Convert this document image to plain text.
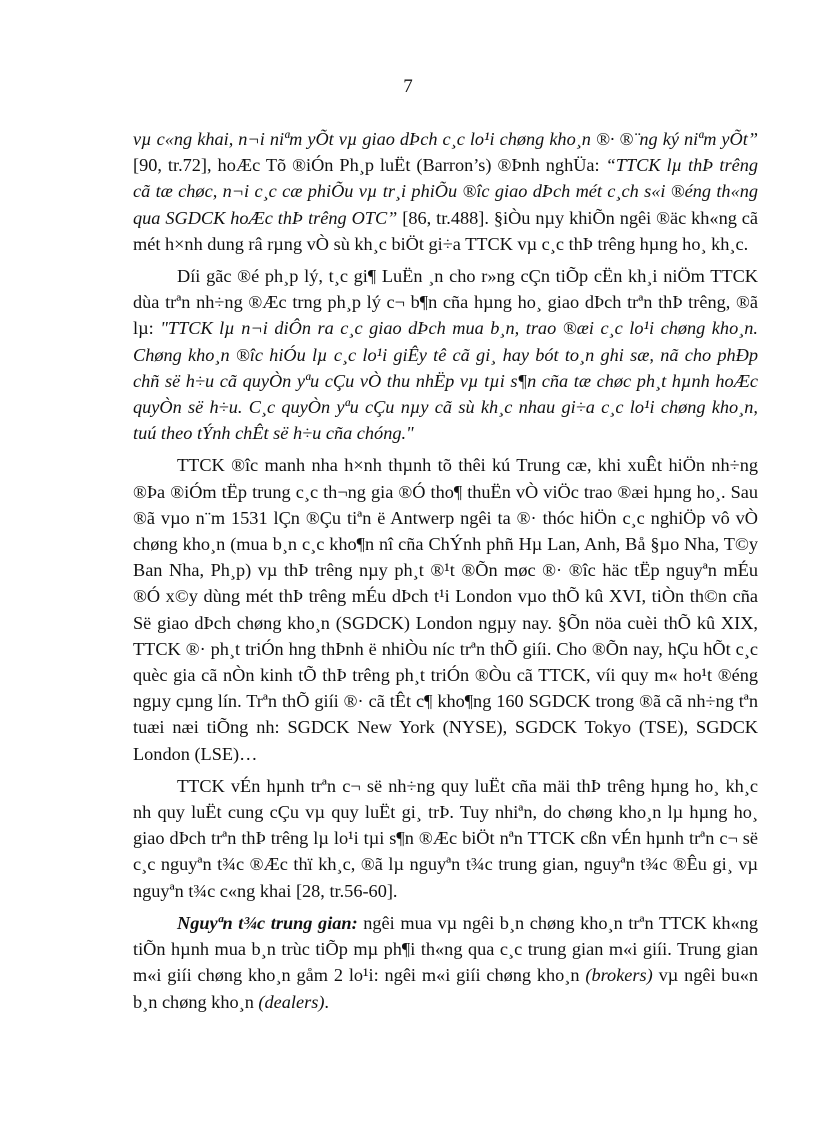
7

vµ c«ng khai, n¬i niªm yÕt vµ giao dÞch c¸c lo¹i chøng kho¸n ®· ®¨ng ký niªm yÕt” [90, tr.72], hoÆc Tõ ®iÓn Ph¸p luËt (Barron’s) ®Þnh nghÜa: “TTCK lµ thÞ trêng cã tæ chøc, n¬i c¸c cæ phiÕu vµ tr¸i phiÕu ®îc giao dÞch mét c¸ch s«i ®éng th«ng qua SGDCK hoÆc thÞ trêng OTC” [86, tr.488]. §iÒu nµy khiÕn ngêi ®äc kh«ng cã mét h×nh dung râ rµng vÒ sù kh¸c biÖt gi÷a TTCK vµ c¸c thÞ trêng hµng ho¸ kh¸c.

Díi gãc ®é ph¸p lý, t¸c gi¶ LuËn ¸n cho r»ng cÇn tiÕp cËn kh¸i niÖm TTCK dùa trªn nh÷ng ®Æc trng ph¸p lý c¬ b¶n cña hµng ho¸ giao dÞch trªn thÞ trêng, ®ã lµ: "TTCK lµ n¬i diÔn ra c¸c giao dÞch mua b¸n, trao ®æi c¸c lo¹i chøng kho¸n. Chøng kho¸n ®îc hiÓu lµ c¸c lo¹i giÊy tê cã gi¸ hay bót to¸n ghi sæ, nã cho phÐp chñ së h÷u cã quyÒn yªu cÇu vÒ thu nhËp vµ tµi s¶n cña tæ chøc ph¸t hµnh hoÆc quyÒn së h÷u. C¸c quyÒn yªu cÇu nµy cã sù kh¸c nhau gi÷a c¸c lo¹i chøng kho¸n, tuú theo tÝnh chÊt së h÷u cña chóng."

TTCK ®îc manh nha h×nh thµnh tõ thêi kú Trung cæ, khi xuÊt hiÖn nh÷ng ®Þa ®iÓm tËp trung c¸c th¬ng gia ®Ó tho¶ thuËn vÒ viÖc trao ®æi hµng ho¸. Sau ®ã vµo n¨m 1531 lÇn ®Çu tiªn ë Antwerp ngêi ta ®· thóc hiÖn c¸c nghiÖp vô vÒ chøng kho¸n (mua b¸n c¸c kho¶n nî cña ChÝnh phñ Hµ Lan, Anh, Bå §µo Nha, T©y Ban Nha, Ph¸p) vµ thÞ trêng nµy ph¸t ®¹t ®Õn møc ®· ®îc häc tËp nguyªn mÉu ®Ó x©y dùng mét thÞ trêng mÉu dÞch t¹i London vµo thÕ kû XVI, tiÒn th©n cña Së giao dÞch chøng kho¸n (SGDCK) London ngµy nay. §Õn nöa cuèi thÕ kû XIX, TTCK ®· ph¸t triÓn hng thÞnh ë nhiÒu níc trªn thÕ giíi. Cho ®Õn nay, hÇu hÕt c¸c quèc gia cã nÒn kinh tÕ thÞ trêng ph¸t triÓn ®Òu cã TTCK, víi quy m« ho¹t ®éng ngµy cµng lín. Trªn thÕ giíi ®· cã tÊt c¶ kho¶ng 160 SGDCK trong ®ã cã nh÷ng tªn tuæi næi tiÕng nh: SGDCK New York (NYSE), SGDCK Tokyo (TSE), SGDCK London (LSE)…

TTCK vÉn hµnh trªn c¬ së nh÷ng quy luËt cña mäi thÞ trêng hµng ho¸ kh¸c nh quy luËt cung cÇu vµ quy luËt gi¸ trÞ. Tuy nhiªn, do chøng kho¸n lµ hµng ho¸ giao dÞch trªn thÞ trêng lµ lo¹i tµi s¶n ®Æc biÖt nªn TTCK cßn vÉn hµnh trªn c¬ së c¸c nguyªn t¾c ®Æc thï kh¸c, ®ã lµ nguyªn t¾c trung gian, nguyªn t¾c ®Êu gi¸ vµ nguyªn t¾c c«ng khai [28, tr.56-60].

Nguyªn t¾c trung gian: ngêi mua vµ ngêi b¸n chøng kho¸n trªn TTCK kh«ng tiÕn hµnh mua b¸n trùc tiÕp mµ ph¶i th«ng qua c¸c trung gian m«i giíi. Trung gian m«i giíi chøng kho¸n gåm 2 lo¹i: ngêi m«i giíi chøng kho¸n (brokers) vµ ngêi bu«n b¸n chøng kho¸n (dealers).
